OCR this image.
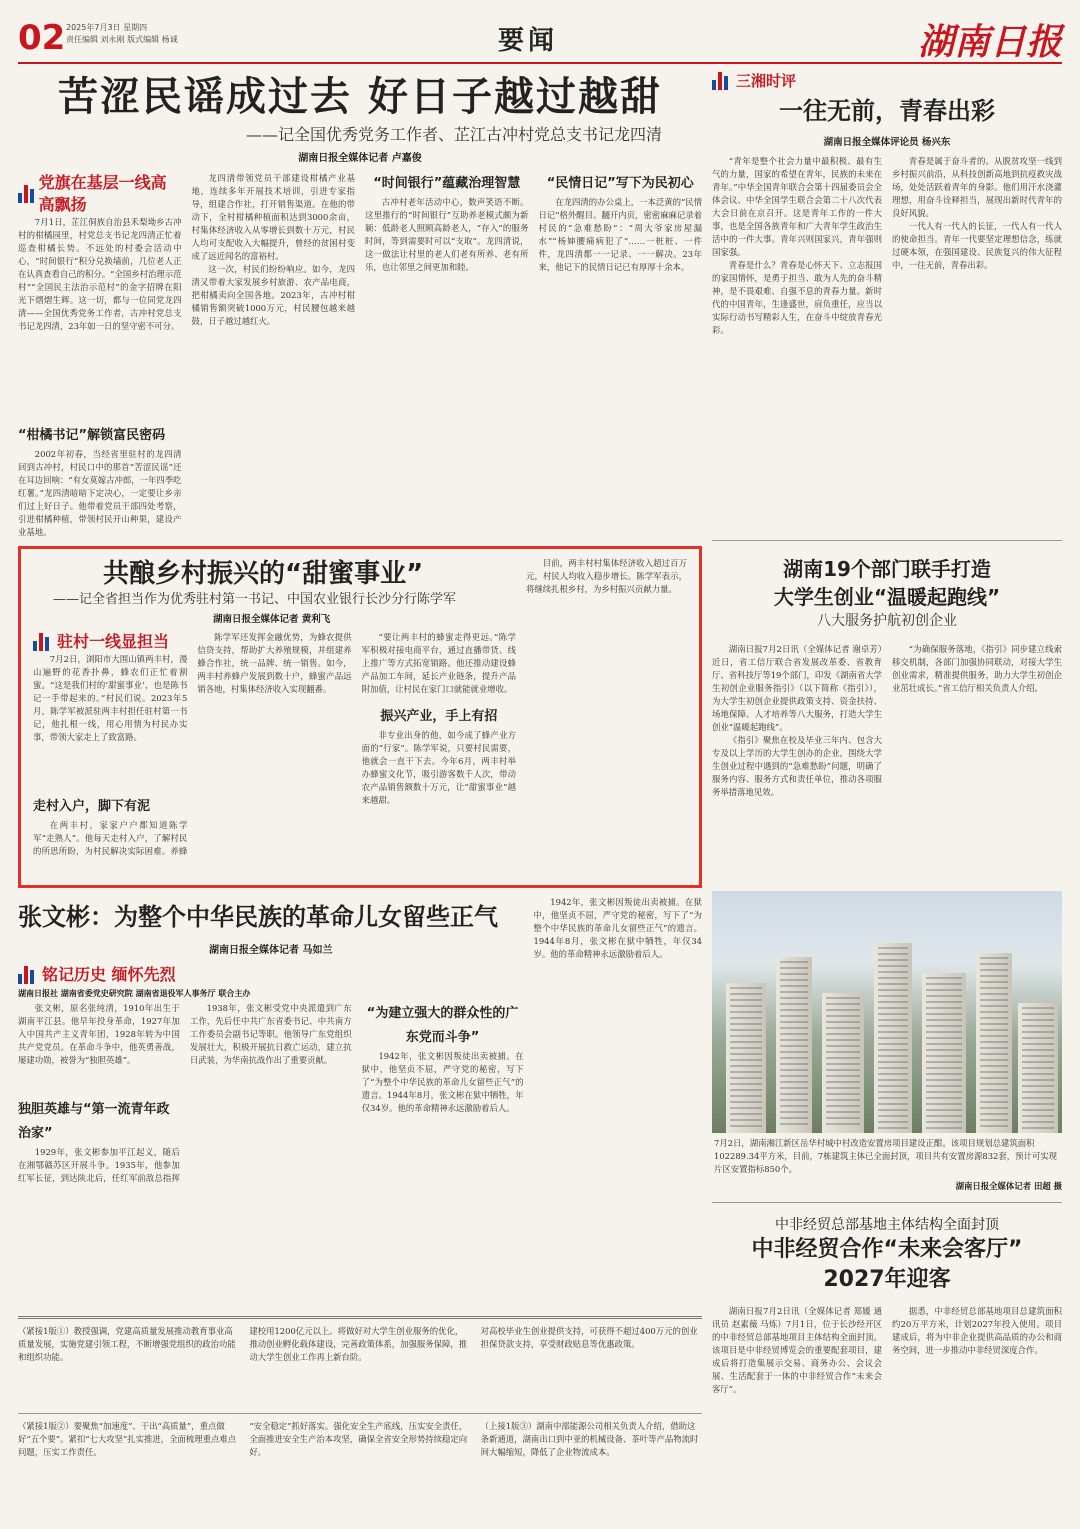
02 2025年7月3日 星期四
责任编辑 刘永刚 版式编辑 杨诚	要闻	湖南日报
苦涩民谣成过去 好日子越过越甜
——记全国优秀党务工作者、芷江古冲村党总支书记龙四清
湖南日报全媒体记者 卢嘉俊
党旗在基层一线高高飘扬

7月1日，芷江侗族自治县禾梨坳乡古冲村的柑橘园里，村党总支书记龙四清正忙着巡查柑橘长势。不远处的村委会活动中心，“时间银行”积分兑换墙前，几位老人正在认真查看自己的积分。“全国乡村治理示范村”“全国民主法治示范村”的金字招牌在阳光下熠熠生辉。这一切，都与一位同党龙四清——全国优秀党务工作者，古冲村党总支书记龙四清，23年如一日的坚守密不可分。

“柑橘书记”解锁富民密码

2002年初春，当经省里驻村的龙四清回到古冲村，村民口中的那首“苦涩民谣”还在耳边回响：“有女莫嫁古冲郎，一年四季吃红薯。”龙四清暗暗下定决心，一定要让乡亲们过上好日子。他带着党员干部四处考察，引进柑橘种植，带领村民开山种果，建设产业基地。

龙四清带领党员干部建设柑橘产业基地，连续多年开展技术培训，引进专家指导，组建合作社，打开销售渠道。在他的带动下，全村柑橘种植面积达到3000余亩，村集体经济收入从零增长到数十万元，村民人均可支配收入大幅提升，曾经的贫困村变成了远近闻名的富裕村。

这一次，村民们纷纷响应。如今，龙四清又带着大家发展乡村旅游、农产品电商，把柑橘卖向全国各地。2023年，古冲村柑橘销售额突破1000万元，村民腰包越来越鼓，日子越过越红火。

“时间银行”蕴藏治理智慧

古冲村老年活动中心，数声笑语不断。这里推行的“时间银行”互助养老模式颇为新颖：低龄老人照顾高龄老人，“存入”的服务时间，等到需要时可以“支取”。龙四清说，这一做法让村里的老人们老有所养、老有所乐，也让邻里之间更加和睦。

“民情日记”写下为民初心

在龙四清的办公桌上，一本泛黄的“民情日记”格外醒目。翻开内页，密密麻麻记录着村民的“急难愁盼”：“周大爷家房屋漏水”“杨婶腰痛病犯了”……一桩桩、一件件，龙四清都一一记录、一一解决。23年来，他记下的民情日记已有厚厚十余本。

共酿乡村振兴的“甜蜜事业”
——记全省担当作为优秀驻村第一书记、中国农业银行长沙分行陈学军
湖南日报全媒体记者 黄利飞
驻村一线显担当

7月2日，浏阳市大围山镇两丰村，漫山遍野的花香扑鼻，蜂农们正忙着割蜜。“这是我们村的‘甜蜜事业’，也是陈书记一手带起来的。”村民们说。2023年5月，陈学军被派驻两丰村担任驻村第一书记，他扎根一线，用心用情为村民办实事，带领大家走上了致富路。

走村入户，脚下有泥

在两丰村，家家户户都知道陈学军“走熟人”。他每天走村入户，了解村民的所思所盼，为村民解决实际困难。养蜂

陈学军还发挥金融优势，为蜂农提供信贷支持，帮助扩大养殖规模，并组建养蜂合作社，统一品牌、统一销售。如今，两丰村养蜂户发展到数十户，蜂蜜产品远销各地，村集体经济收入实现翻番。

“要让两丰村的蜂蜜走得更远。”陈学军积极对接电商平台，通过直播带货、线上推广等方式拓宽销路。他还推动建设蜂产品加工车间，延长产业链条，提升产品附加值，让村民在家门口就能就业增收。

振兴产业，手上有招

非专业出身的他，如今成了蜂产业方面的“行家”。陈学军说，只要村民需要，他就会一直干下去。今年6月，两丰村举办蜂蜜文化节，吸引游客数千人次，带动农产品销售额数十万元，让“甜蜜事业”越来越甜。

目前，两丰村村集体经济收入超过百万元，村民人均收入稳步增长。陈学军表示，将继续扎根乡村，为乡村振兴贡献力量。

张文彬：为整个中华民族的革命儿女留些正气
湖南日报全媒体记者 马如兰
铭记历史 缅怀先烈
湖南日报社 湖南省委党史研究院 湖南省退役军人事务厅 联合主办

张文彬，原名张纯清，1910年出生于湖南平江县。他早年投身革命，1927年加入中国共产主义青年团，1928年转为中国共产党党员。在革命斗争中，他英勇善战，屡建功勋，被誉为“独胆英雄”。

独胆英雄与“第一流青年政治家”

1929年，张文彬参加平江起义，随后在湘鄂赣苏区开展斗争。1935年，他参加红军长征，到达陕北后，任红军前敌总指挥

1938年，张文彬受党中央派遣到广东工作，先后任中共广东省委书记、中共南方工作委员会副书记等职。他领导广东党组织发展壮大，积极开展抗日救亡运动，建立抗日武装，为华南抗战作出了重要贡献。

“为建立强大的群众性的广东党而斗争”

1942年，张文彬因叛徒出卖被捕。在狱中，他坚贞不屈，严守党的秘密，写下了“为整个中华民族的革命儿女留些正气”的遗言。1944年8月，张文彬在狱中牺牲，年仅34岁。他的革命精神永远激励着后人。

1942年，张文彬因叛徒出卖被捕。在狱中，他坚贞不屈，严守党的秘密，写下了“为整个中华民族的革命儿女留些正气”的遗言。1944年8月，张文彬在狱中牺牲，年仅34岁。他的革命精神永远激励着后人。

（紧接1版①）教授强调，党建高质量发展推动教育事业高质量发展，实施党建引领工程，不断增强党组织的政治功能和组织功能。
建校用1200亿元以上。将做好对大学生创业服务的优化，推动创业孵化载体建设，完善政策体系，加强服务保障，推动大学生创业工作再上新台阶。
对高校毕业生创业提供支持，可获得不超过400万元的创业担保贷款支持，享受财政贴息等优惠政策。
（紧接1版②）要聚焦“加速度”、干出“高质量”，重点做好“五个要”。紧扣“七大攻坚”扎实推进，全面梳理重点难点问题，压实工作责任。
“安全稳定”抓好落实。强化安全生产底线，压实安全责任，全面推进安全生产治本攻坚，确保全省安全形势持续稳定向好。
（上接1版③）湖南中部能源公司相关负责人介绍，借助这条新通道，湖南出口到中亚的机械设备、茶叶等产品物流时间大幅缩短，降低了企业物流成本。
三湘时评
一往无前，青春出彩
湖南日报全媒体评论员 杨兴东

“青年是整个社会力量中最积极、最有生气的力量，国家的希望在青年，民族的未来在青年。”中华全国青年联合会第十四届委员会全体会议、中华全国学生联合会第二十八次代表大会日前在京召开。这是青年工作的一件大事，也是全国各族青年和广大青年学生政治生活中的一件大事。青年兴则国家兴，青年强则国家强。

青春是什么？青春是心怀天下、立志报国的家国情怀，是勇于担当、敢为人先的奋斗精神，是不畏艰难、自强不息的青春力量。新时代的中国青年，生逢盛世，肩负重任，应当以实际行动书写精彩人生，在奋斗中绽放青春光彩。

青春是属于奋斗者的。从脱贫攻坚一线到乡村振兴前沿，从科技创新高地到抗疫救灾战场，处处活跃着青年的身影。他们用汗水浇灌理想，用奋斗诠释担当，展现出新时代青年的良好风貌。

一代人有一代人的长征，一代人有一代人的使命担当。青年一代要坚定理想信念，练就过硬本领，在强国建设、民族复兴的伟大征程中，一往无前，青春出彩。

湖南19个部门联手打造
大学生创业“温暖起跑线”
八大服务护航初创企业

湖南日报7月2日讯（全媒体记者 谢卓芳）近日，省工信厅联合省发展改革委、省教育厅、省科技厅等19个部门，印发《湖南省大学生初创企业服务指引》（以下简称《指引》），为大学生初创企业提供政策支持、资金扶持、场地保障、人才培养等八大服务，打造大学生创业“温暖起跑线”。

《指引》聚焦在校及毕业三年内、包含大专及以上学历的大学生创办的企业，围绕大学生创业过程中遇到的“急难愁盼”问题，明确了服务内容、服务方式和责任单位，推动各项服务举措落地见效。

“为确保服务落地，《指引》同步建立线索移交机制，各部门加强协同联动，对接大学生创业需求，精准提供服务，助力大学生初创企业茁壮成长。”省工信厅相关负责人介绍。

7月2日，湖南湘江新区岳华村城中村改造安置房项目建设正酣。该项目规划总建筑面积102289.34平方米，目前，7栋建筑主体已全面封顶，项目共有安置房源832套，预计可实现片区安置指标850个。
湖南日报全媒体记者 田超 摄
中非经贸总部基地主体结构全面封顶
中非经贸合作“未来会客厅”
2027年迎客

湖南日报7月2日讯（全媒体记者 郑媛 通讯员 赵素薇 马炼）7月1日，位于长沙经开区的中非经贸总部基地项目主体结构全面封顶。该项目是中非经贸博览会的重要配套项目，建成后将打造集展示交易、商务办公、会议会展、生活配套于一体的中非经贸合作“未来会客厅”。

据悉，中非经贸总部基地项目总建筑面积约20万平方米，计划2027年投入使用。项目建成后，将为中非企业提供高品质的办公和商务空间，进一步推动中非经贸深度合作。
